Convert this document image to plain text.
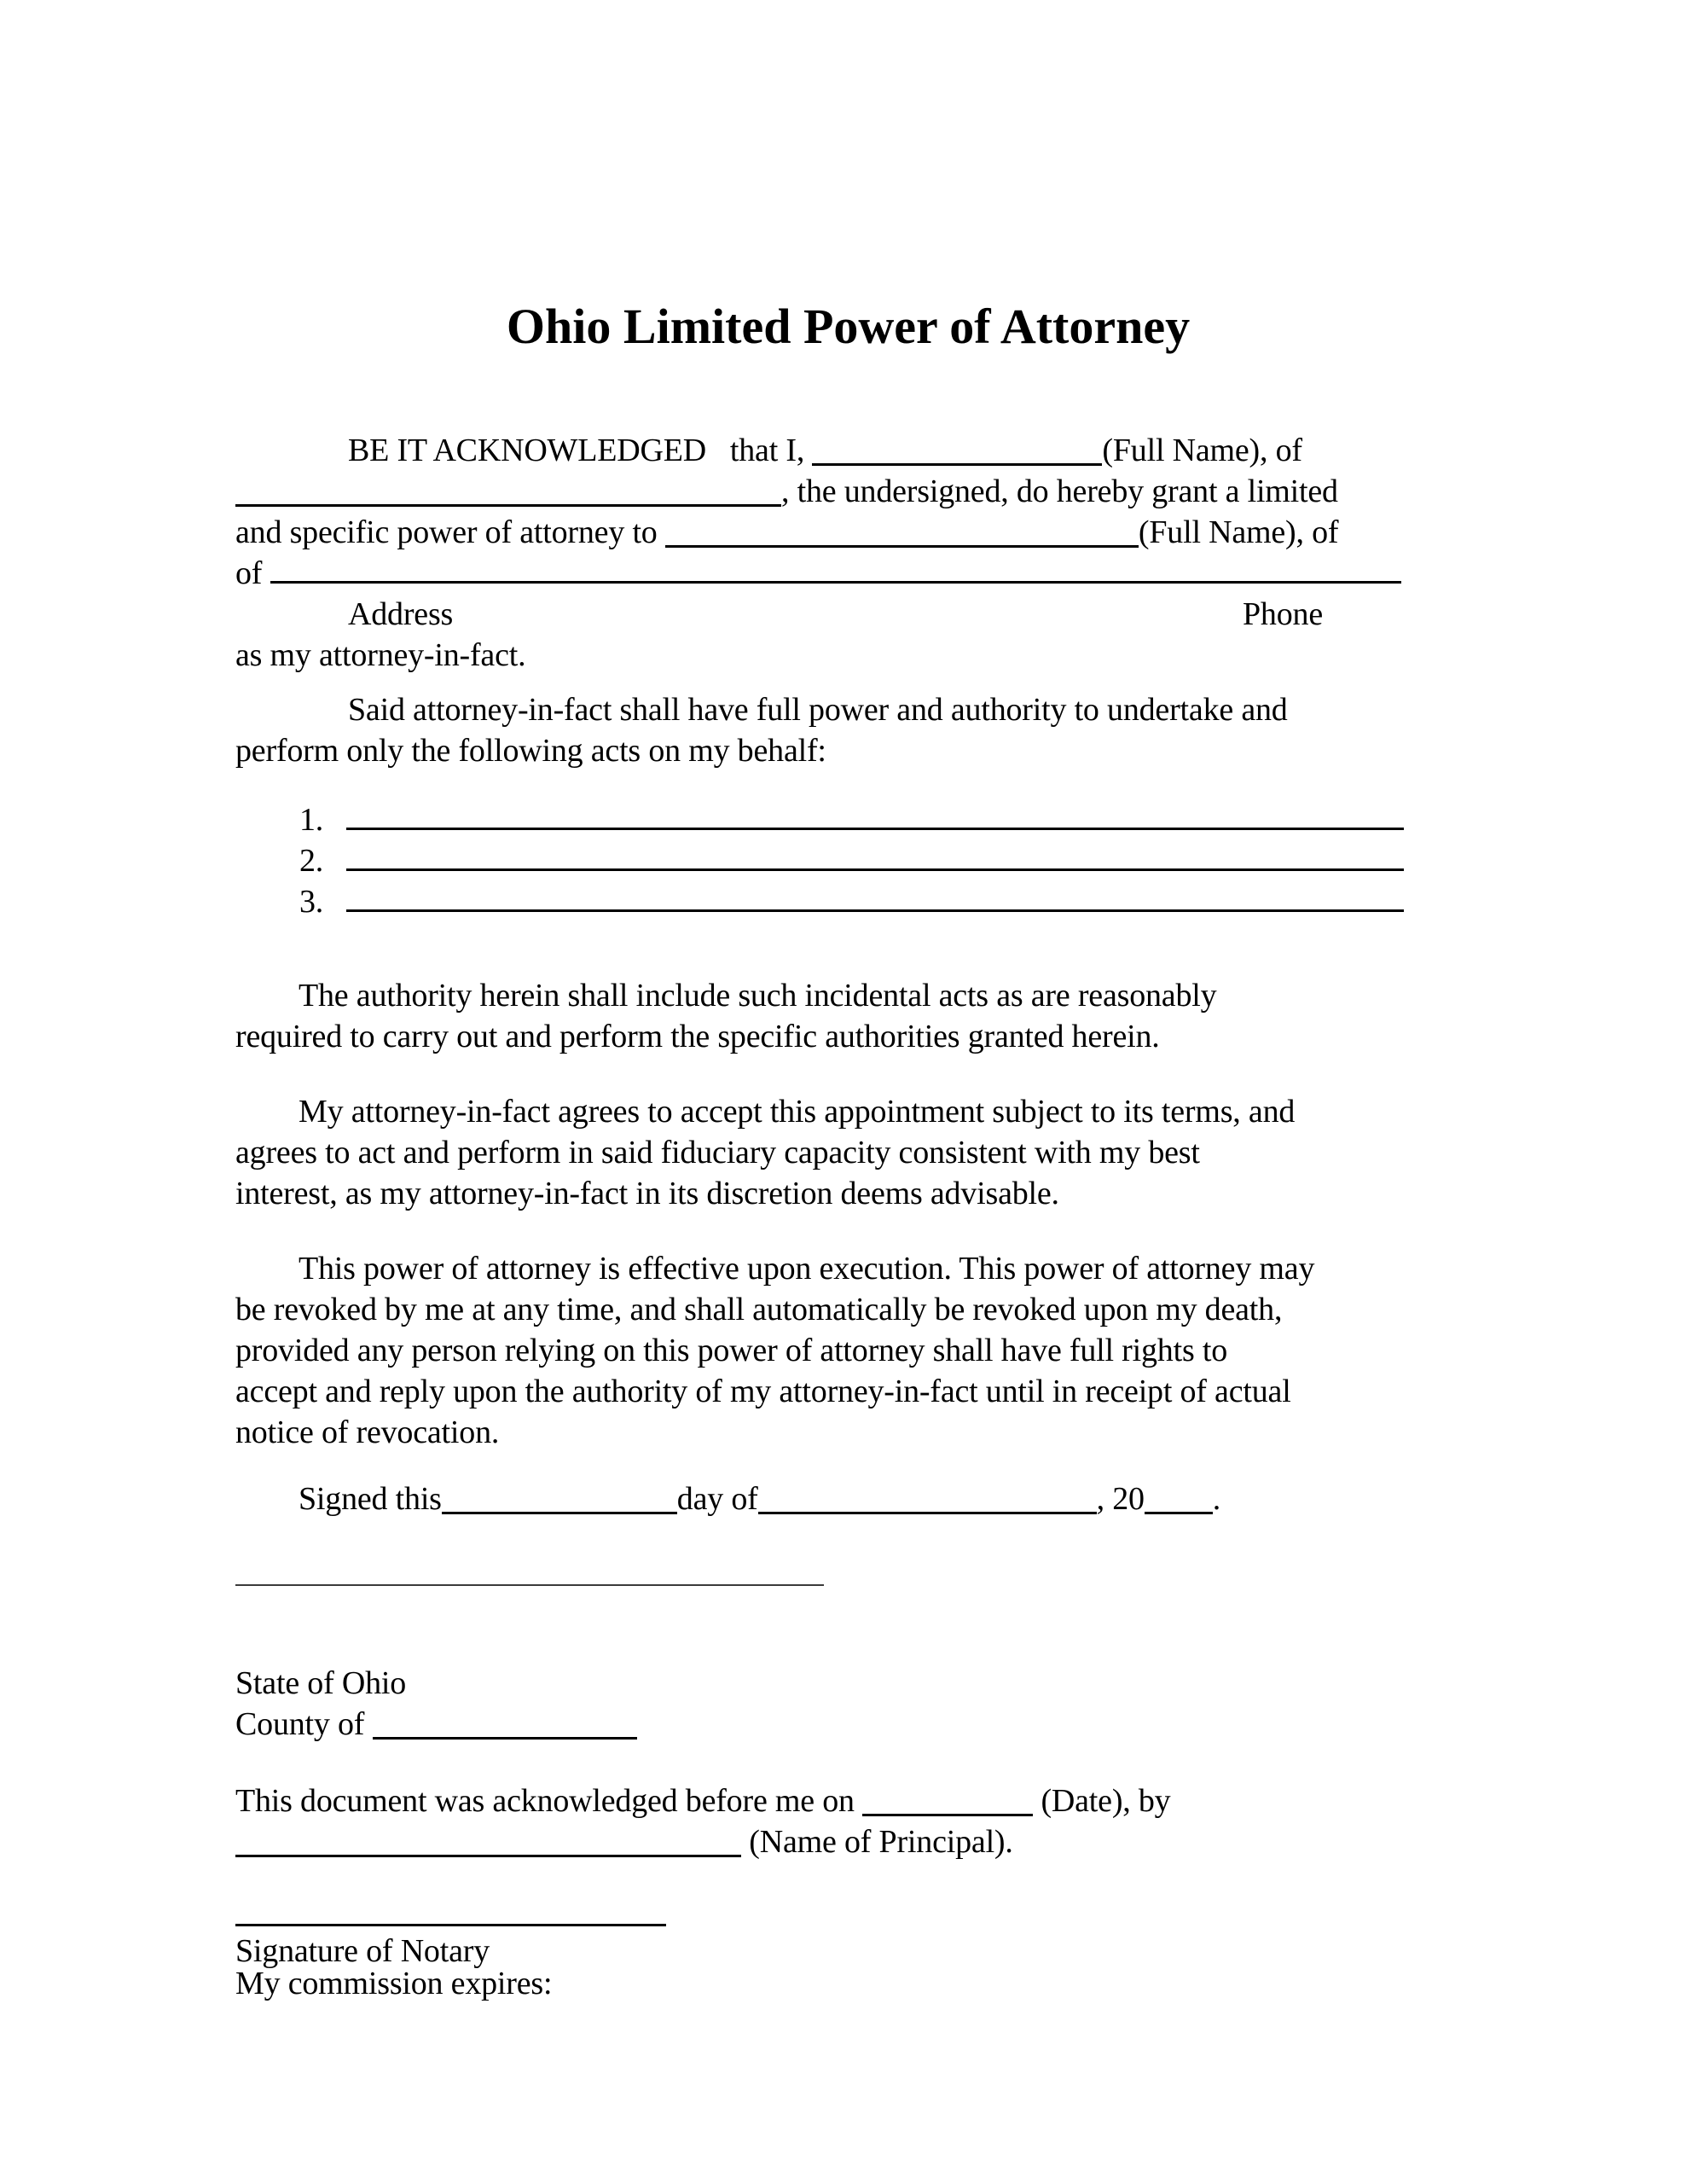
Ohio Limited Power of Attorney
BE IT ACKNOWLEDGED   that I,	(Full Name), of
, the undersigned, do hereby grant a limited
and specific power of attorney to	(Full Name), of
of
Address	Phone
as my attorney-in-fact.
Said attorney-in-fact shall have full power and authority to undertake and
perform only the following acts on my behalf:
1.
2.
3.
The authority herein shall include such incidental acts as are reasonably
required to carry out and perform the specific authorities granted herein.
My attorney-in-fact agrees to accept this appointment subject to its terms, and
agrees to act and perform in said fiduciary capacity consistent with my best
interest, as my attorney-in-fact in its discretion deems advisable.
This power of attorney is effective upon execution. This power of attorney may
be revoked by me at any time, and shall automatically be revoked upon my death,
provided any person relying on this power of attorney shall have full rights to
accept and reply upon the authority of my attorney-in-fact until in receipt of actual
notice of revocation.
Signed this	day of	, 20 .
State of Ohio
County of
This document was acknowledged before me on	(Date), by
(Name of Principal).
Signature of Notary
My commission expires:
